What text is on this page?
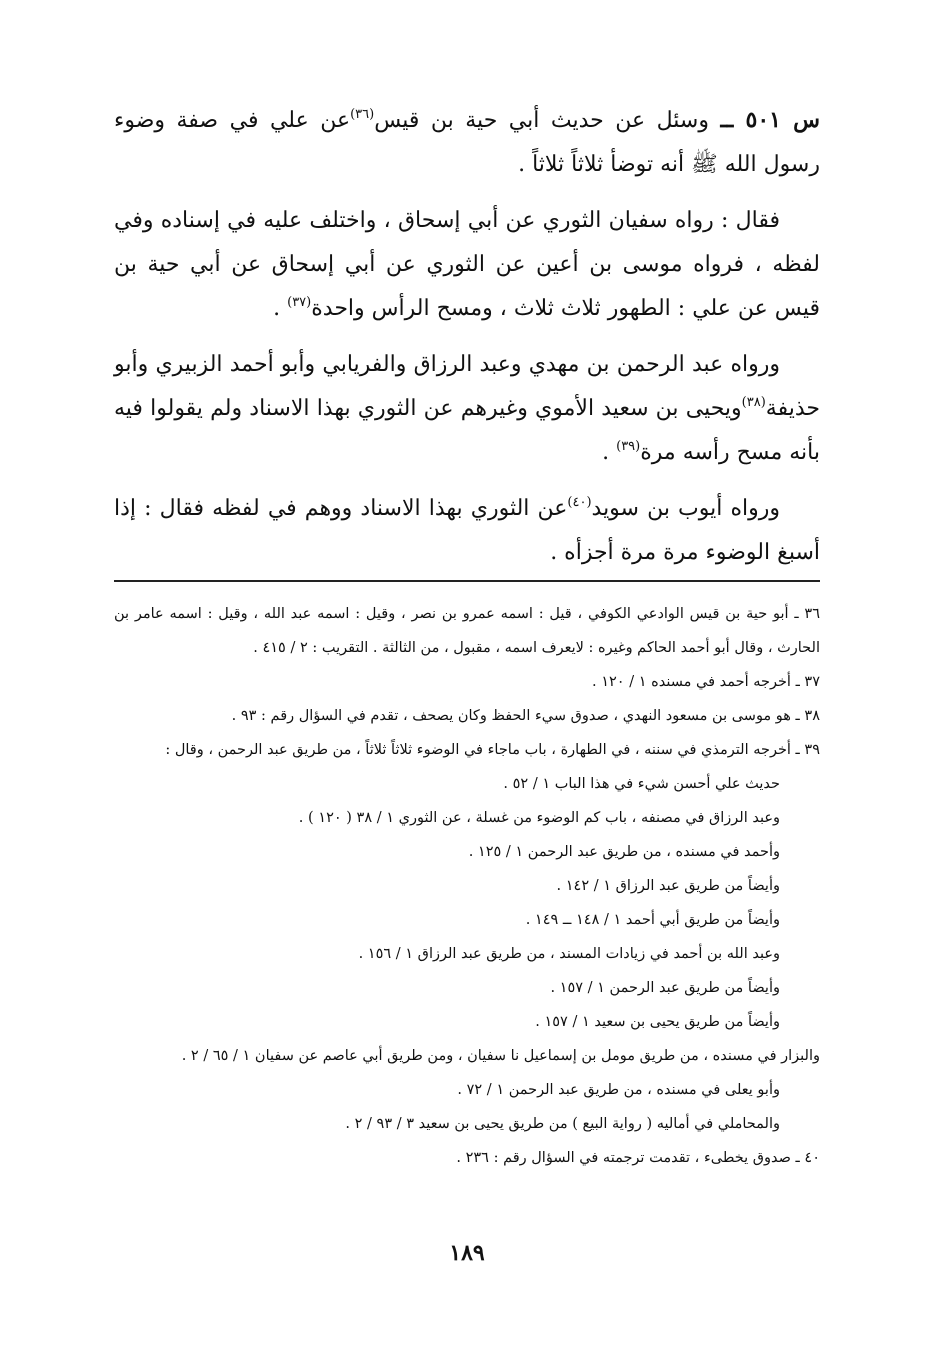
س ٥٠١ ــ وسئل عن حديث أبي حية بن قيس$^{(٣٦)}$عن علي في صفة وضوء رسول الله ﷺ أنه توضأ ثلاثاً ثلاثاً .

فقال : رواه سفيان الثوري عن أبي إسحاق ، واختلف عليه في إسناده وفي لفظه ، فرواه موسى بن أعين عن الثوري عن أبي إسحاق عن أبي حية بن قيس عن علي : الطهور ثلاث ثلاث ، ومسح الرأس واحدة$^{(٣٧)}$ .

ورواه عبد الرحمن بن مهدي وعبد الرزاق والفريابي وأبو أحمد الزبيري وأبو حذيفة$^{(٣٨)}$ويحيى بن سعيد الأموي وغيرهم عن الثوري بهذا الاسناد ولم يقولوا فيه بأنه مسح رأسه مرة$^{(٣٩)}$ .

ورواه أيوب بن سويد$^{(٤٠)}$عن الثوري بهذا الاسناد ووهم في لفظه فقال : إذا أسبغ الوضوء مرة مرة أجزأه .

٣٦ ـ أبو حية بن قيس الوادعي الكوفي ، قيل : اسمه عمرو بن نصر ، وقيل : اسمه عبد الله ، وقيل : اسمه عامر بن الحارث ، وقال أبو أحمد الحاكم وغيره : لايعرف اسمه ، مقبول ، من الثالثة . التقريب : ٢ / ٤١٥ .

٣٧ ـ أخرجه أحمد في مسنده ١ / ١٢٠ .

٣٨ ـ هو موسى بن مسعود النهدي ، صدوق سيء الحفظ وكان يصحف ، تقدم في السؤال رقم : ٩٣ .

٣٩ ـ أخرجه الترمذي في سننه ، في الطهارة ، باب ماجاء في الوضوء ثلاثاً ثلاثاً ، من طريق عبد الرحمن ، وقال :

حديث علي أحسن شيء في هذا الباب ١ / ٥٢ .

وعبد الرزاق في مصنفه ، باب كم الوضوء من غسلة ، عن الثوري ١ / ٣٨ ( ١٢٠ ) .

وأحمد في مسنده ، من طريق عبد الرحمن ١ / ١٢٥ .

وأيضاً من طريق عبد الرزاق ١ / ١٤٢ .

وأيضاً من طريق أبي أحمد ١ / ١٤٨ ــ ١٤٩ .

وعبد الله بن أحمد في زيادات المسند ، من طريق عبد الرزاق ١ / ١٥٦ .

وأيضاً من طريق عبد الرحمن ١ / ١٥٧ .

وأيضاً من طريق يحيى بن سعيد ١ / ١٥٧ .

والبزار في مسنده ، من طريق مومل بن إسماعيل نا سفيان ، ومن طريق أبي عاصم عن سفيان ١ / ٦٥ / ٢ .

وأبو يعلى في مسنده ، من طريق عبد الرحمن ١ / ٧٢ .

والمحاملي في أماليه ( رواية البيع ) من طريق يحيى بن سعيد ٣ / ٩٣ / ٢ .

٤٠ ـ صدوق يخطىء ، تقدمت ترجمته في السؤال رقم : ٢٣٦ .

١٨٩
